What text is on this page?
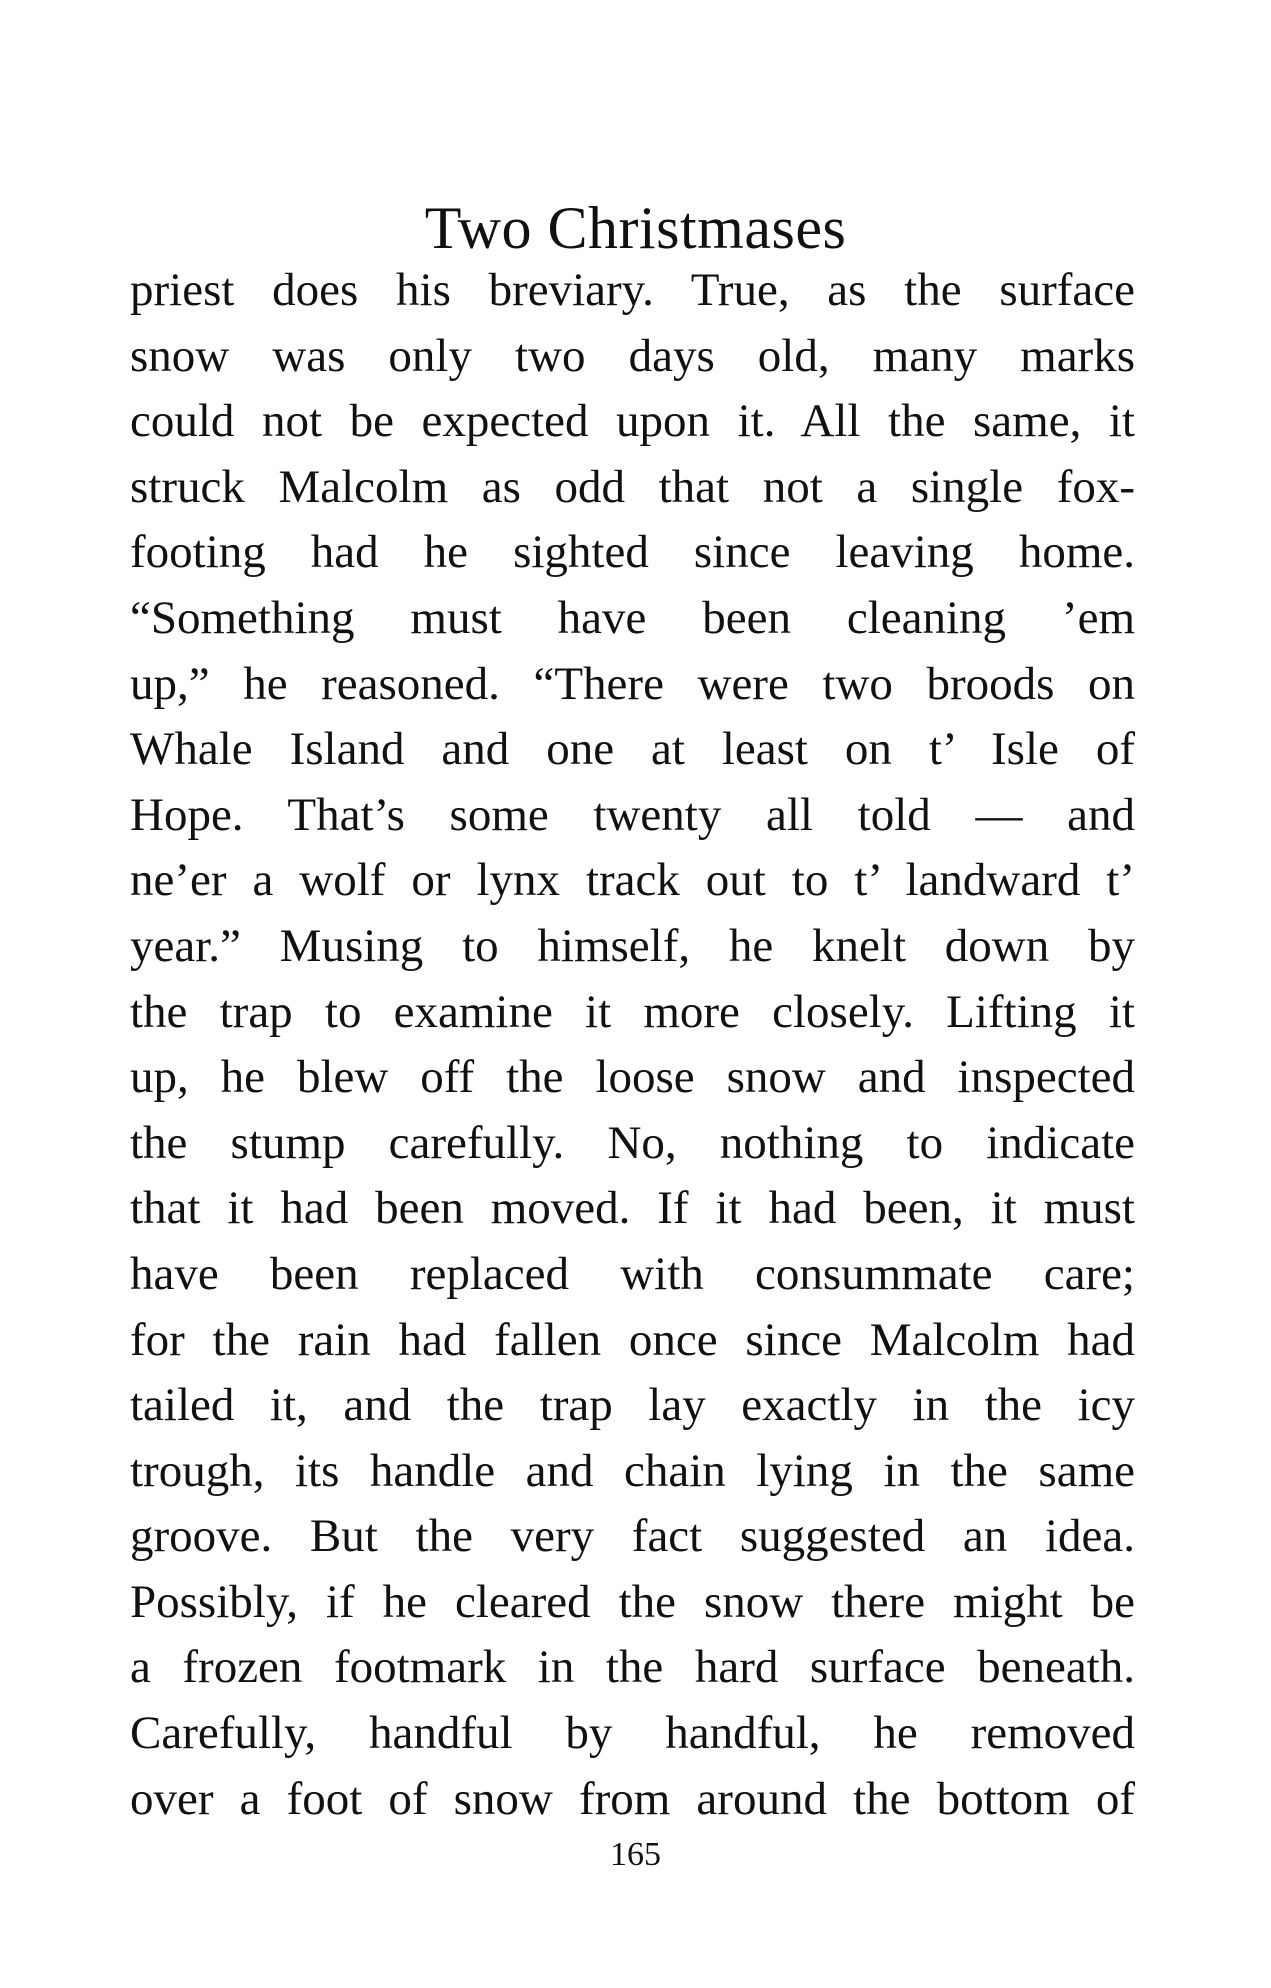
Two Christmases
priest does his breviary. True, as the surface
snow was only two days old, many marks
could not be expected upon it. All the same, it
struck Malcolm as odd that not a single fox-
footing had he sighted since leaving home.
“Something must have been cleaning ’em
up,” he reasoned. “There were two broods on
Whale Island and one at least on t’ Isle of
Hope. That’s some twenty all told — and
ne’er a wolf or lynx track out to t’ landward t’
year.” Musing to himself, he knelt down by
the trap to examine it more closely. Lifting it
up, he blew off the loose snow and inspected
the stump carefully. No, nothing to indicate
that it had been moved. If it had been, it must
have been replaced with consummate care;
for the rain had fallen once since Malcolm had
tailed it, and the trap lay exactly in the icy
trough, its handle and chain lying in the same
groove. But the very fact suggested an idea.
Possibly, if he cleared the snow there might be
a frozen footmark in the hard surface beneath.
Carefully, handful by handful, he removed
over a foot of snow from around the bottom of
165
